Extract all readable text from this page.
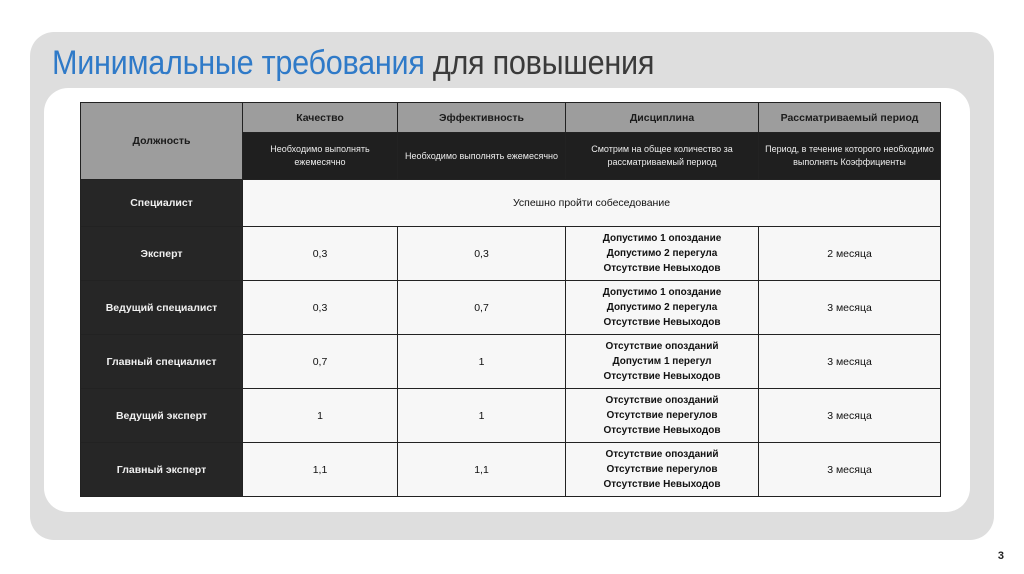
Минимальные требования для повышения
Должность	Качество	Эффективность	Дисциплина	Рассматриваемый период
	Необходимо выполнять ежемесячно	Необходимо выполнять ежемесячно	Смотрим на общее количество за рассматриваемый период	Период, в течение которого необходимо выполнять Коэффициенты
Специалист	Успешно пройти собеседование			
Эксперт	0,3	0,3	Допустимо 1 опоздание
Допустимо 2 перегула
Отсутствие Невыходов	2 месяца
Ведущий специалист	0,3	0,7	Допустимо 1 опоздание
Допустимо 2 перегула
Отсутствие Невыходов	3 месяца
Главный специалист	0,7	1	Отсутствие опозданий
Допустим 1 перегул
Отсутствие Невыходов	3 месяца
Ведущий эксперт	1	1	Отсутствие опозданий
Отсутствие перегулов
Отсутствие Невыходов	3 месяца
Главный эксперт	1,1	1,1	Отсутствие опозданий
Отсутствие перегулов
Отсутствие Невыходов	3 месяца
3
